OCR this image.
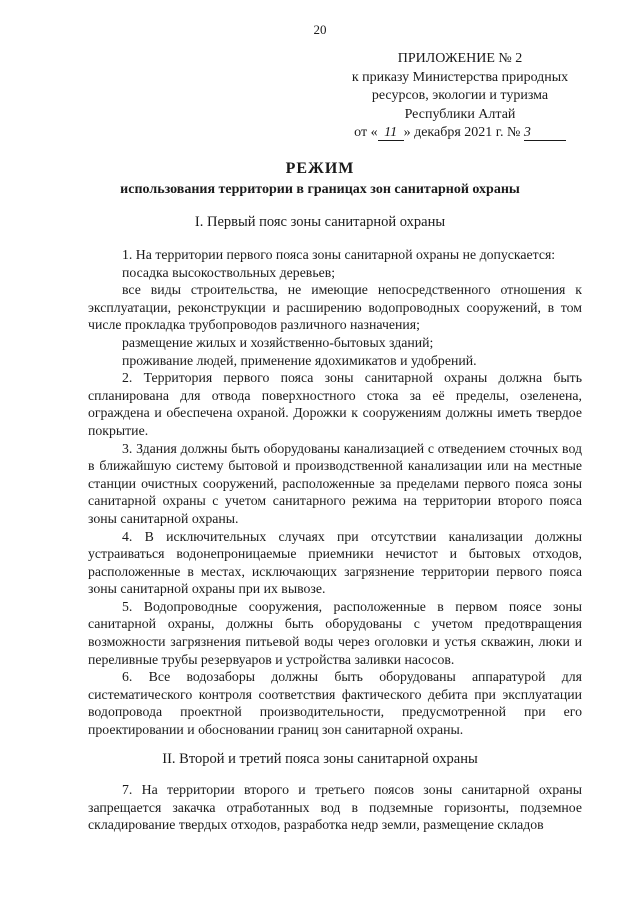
20
ПРИЛОЖЕНИЕ № 2
к приказу Министерства природных
ресурсов, экологии и туризма
Республики Алтай
от « 11 » декабря 2021 г. № 3
РЕЖИМ
использования территории в границах зон санитарной охраны
I. Первый пояс зоны санитарной охраны

1. На территории первого пояса зоны санитарной охраны не допускается:

посадка высокоствольных деревьев;

все виды строительства, не имеющие непосредственного отношения к эксплуатации, реконструкции и расширению водопроводных сооружений, в том числе прокладка трубопроводов различного назначения;

размещение жилых и хозяйственно-бытовых зданий;

проживание людей, применение ядохимикатов и удобрений.

2. Территория первого пояса зоны санитарной охраны должна быть спланирована для отвода поверхностного стока за её пределы, озеленена, ограждена и обеспечена охраной. Дорожки к сооружениям должны иметь твердое покрытие.

3. Здания должны быть оборудованы канализацией с отведением сточных вод в ближайшую систему бытовой и производственной канализации или на местные станции очистных сооружений, расположенные за пределами первого пояса зоны санитарной охраны с учетом санитарного режима на территории второго пояса зоны санитарной охраны.

4. В исключительных случаях при отсутствии канализации должны устраиваться водонепроницаемые приемники нечистот и бытовых отходов, расположенные в местах, исключающих загрязнение территории первого пояса зоны санитарной охраны при их вывозе.

5. Водопроводные сооружения, расположенные в первом поясе зоны санитарной охраны, должны быть оборудованы с учетом предотвращения возможности загрязнения питьевой воды через оголовки и устья скважин, люки и переливные трубы резервуаров и устройства заливки насосов.

6. Все водозаборы должны быть оборудованы аппаратурой для систематического контроля соответствия фактического дебита при эксплуатации водопровода проектной производительности, предусмотренной при его проектировании и обосновании границ зон санитарной охраны.

II. Второй и третий пояса зоны санитарной охраны

7. На территории второго и третьего поясов зоны санитарной охраны запрещается закачка отработанных вод в подземные горизонты, подземное складирование твердых отходов, разработка недр земли, размещение складов
